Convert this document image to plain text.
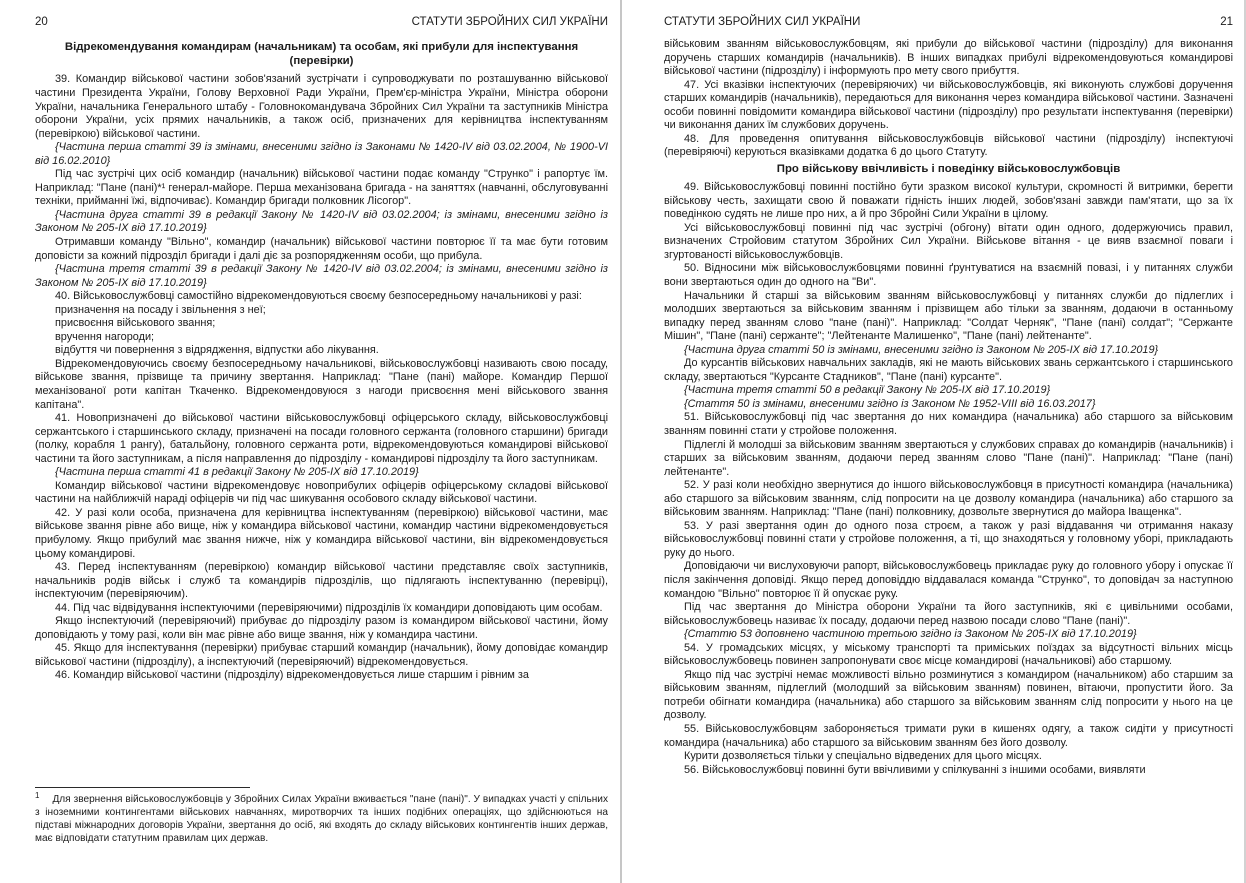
20	СТАТУТИ ЗБРОЙНИХ СИЛ УКРАЇНИ

Відрекомендування командирам (начальникам) та особам, які прибули для інспектування (перевірки)

39. Командир військової частини зобов'язаний зустрічати і супроводжувати по розташуванню військової частини Президента України, Голову Верховної Ради України, Прем'єр-міністра України, Міністра оборони України, начальника Генерального штабу - Головнокомандувача Збройних Сил України та заступників Міністра оборони України, усіх прямих начальників, а також осіб, призначених для керівництва інспектуванням (перевіркою) військової частини.

{Частина перша статті 39 із змінами, внесеними згідно із Законами № 1420-IV від 03.02.2004, № 1900-VI від 16.02.2010}

Під час зустрічі цих осіб командир (начальник) військової частини подає команду "Струнко" і рапортує їм. Наприклад: "Пане (пані)*¹ генерал-майоре. Перша механізована бригада - на заняттях (навчанні, обслуговуванні техніки, прийманні їжі, відпочиває). Командир бригади полковник Лісогор".

{Частина друга статті 39 в редакції Закону № 1420-IV від 03.02.2004; із змінами, внесеними згідно із Законом № 205-ІХ від 17.10.2019}

Отримавши команду "Вільно", командир (начальник) військової частини повторює її та має бути готовим доповісти за кожний підрозділ бригади і далі діє за розпорядженням особи, що прибула.

{Частина третя статті 39 в редакції Закону № 1420-IV від 03.02.2004; із змінами, внесеними згідно із Законом № 205-ІХ від 17.10.2019}

40. Військовослужбовці самостійно відрекомендовуються своєму безпосередньому начальникові у разі:

призначення на посаду і звільнення з неї;

присвоєння військового звання;

вручення нагороди;

відбуття чи повернення з відрядження, відпустки або лікування.

Відрекомендовуючись своєму безпосередньому начальникові, військовослужбовці називають свою посаду, військове звання, прізвище та причину звертання. Наприклад: "Пане (пані) майоре. Командир Першої механізованої роти капітан Ткаченко. Відрекомендовуюся з нагоди присвоєння мені військового звання капітана".

41. Новопризначені до військової частини військовослужбовці офіцерського складу, військовослужбовці сержантського і старшинського складу, призначені на посади головного сержанта (головного старшини) бригади (полку, корабля 1 рангу), батальйону, головного сержанта роти, відрекомендовуються командирові військової частини та його заступникам, а після направлення до підрозділу - командирові підрозділу та його заступникам.

{Частина перша статті 41 в редакції Закону № 205-ІХ від 17.10.2019}

Командир військової частини відрекомендовує новоприбулих офіцерів офіцерському складові військової частини на найближчій нараді офіцерів чи під час шикування особового складу військової частини.

42. У разі коли особа, призначена для керівництва інспектуванням (перевіркою) військової частини, має військове звання рівне або вище, ніж у командира військової частини, командир частини відрекомендовується прибулому. Якщо прибулий має звання нижче, ніж у командира військової частини, він відрекомендовується цьому командирові.

43. Перед інспектуванням (перевіркою) командир військової частини представляє своїх заступників, начальників родів військ і служб та командирів підрозділів, що підлягають інспектуванню (перевірці), інспектуючим (перевіряючим).

44. Під час відвідування інспектуючими (перевіряючими) підрозділів їх командири доповідають цим особам.

Якщо інспектуючий (перевіряючий) прибуває до підрозділу разом із командиром військової частини, йому доповідають у тому разі, коли він має рівне або вище звання, ніж у командира частини.

45. Якщо для інспектування (перевірки) прибуває старший командир (начальник), йому доповідає командир військової частини (підрозділу), а інспектуючий (перевіряючий) відрекомендовується.

46. Командир військової частини (підрозділу) відрекомендовується лише старшим і рівним за

$^1$ Для звернення військовослужбовців у Збройних Силах України вживається "пане (пані)". У випадках участі у спільних з іноземними контингентами військових навчаннях, миротворчих та інших подібних операціях, що здійснюються на підставі міжнародних договорів України, звертання до осіб, які входять до складу військових контингентів інших держав, має відповідати статутним правилам цих держав.

СТАТУТИ ЗБРОЙНИХ СИЛ УКРАЇНИ	21

військовим званням військовослужбовцям, які прибули до військової частини (підрозділу) для виконання доручень старших командирів (начальників). В інших випадках прибулі відрекомендовуються командирові військової частини (підрозділу) і інформують про мету свого прибуття.

47. Усі вказівки інспектуючих (перевіряючих) чи військовослужбовців, які виконують службові доручення старших командирів (начальників), передаються для виконання через командира військової частини. Зазначені особи повинні повідомити командира військової частини (підрозділу) про результати інспектування (перевірки) чи виконання даних їм службових доручень.

48. Для проведення опитування військовослужбовців військової частини (підрозділу) інспектуючі (перевіряючі) керуються вказівками додатка 6 до цього Статуту.

Про військову ввічливість і поведінку військовослужбовців

49. Військовослужбовці повинні постійно бути зразком високої культури, скромності й витримки, берегти військову честь, захищати свою й поважати гідність інших людей, зобов'язані завжди пам'ятати, що за їх поведінкою судять не лише про них, а й про Збройні Сили України в цілому.

Усі військовослужбовці повинні під час зустрічі (обгону) вітати один одного, додержуючись правил, визначених Стройовим статутом Збройних Сил України. Військове вітання - це вияв взаємної поваги і згуртованості військовослужбовців.

50. Відносини між військовослужбовцями повинні ґрунтуватися на взаємній повазі, і у питаннях служби вони звертаються один до одного на "Ви".

Начальники й старші за військовим званням військовослужбовці у питаннях служби до підлеглих і молодших звертаються за військовим званням і прізвищем або тільки за званням, додаючи в останньому випадку перед званням слово "пане (пані)". Наприклад: "Солдат Черняк", "Пане (пані) солдат"; "Сержанте Мішин", "Пане (пані) сержанте"; "Лейтенанте Малишенко", "Пане (пані) лейтенанте".

{Частина друга статті 50 із змінами, внесеними згідно із Законом № 205-ІХ від 17.10.2019}

До курсантів військових навчальних закладів, які не мають військових звань сержантського і старшинського складу, звертаються "Курсанте Стадников", "Пане (пані) курсанте".

{Частина третя статті 50 в редакції Закону № 205-ІХ від 17.10.2019}

{Стаття 50 із змінами, внесеними згідно із Законом № 1952-VIII від 16.03.2017}

51. Військовослужбовці під час звертання до них командира (начальника) або старшого за військовим званням повинні стати у стройове положення.

Підлеглі й молодші за військовим званням звертаються у службових справах до командирів (начальників) і старших за військовим званням, додаючи перед званням слово "Пане (пані)". Наприклад: "Пане (пані) лейтенанте".

52. У разі коли необхідно звернутися до іншого військовослужбовця в присутності командира (начальника) або старшого за військовим званням, слід попросити на це дозволу командира (начальника) або старшого за військовим званням. Наприклад: "Пане (пані) полковнику, дозвольте звернутися до майора Іващенка".

53. У разі звертання один до одного поза строєм, а також у разі віддавання чи отримання наказу військовослужбовці повинні стати у стройове положення, а ті, що знаходяться у головному уборі, прикладають руку до нього.

Доповідаючи чи вислуховуючи рапорт, військовослужбовець прикладає руку до головного убору і опускає її після закінчення доповіді. Якщо перед доповіддю віддавалася команда "Струнко", то доповідач за наступною командою "Вільно" повторює її й опускає руку.

Під час звертання до Міністра оборони України та його заступників, які є цивільними особами, військовослужбовець називає їх посаду, додаючи перед назвою посади слово "Пане (пані)".

{Статтю 53 доповнено частиною третьою згідно із Законом № 205-ІХ від 17.10.2019}

54. У громадських місцях, у міському транспорті та приміських поїздах за відсутності вільних місць військовослужбовець повинен запропонувати своє місце командирові (начальникові) або старшому.

Якщо під час зустрічі немає можливості вільно розминутися з командиром (начальником) або старшим за військовим званням, підлеглий (молодший за військовим званням) повинен, вітаючи, пропустити його. За потреби обігнати командира (начальника) або старшого за військовим званням слід попросити у нього на це дозволу.

55. Військовослужбовцям забороняється тримати руки в кишенях одягу, а також сидіти у присутності командира (начальника) або старшого за військовим званням без його дозволу.

Курити дозволяється тільки у спеціально відведених для цього місцях.

56. Військовослужбовці повинні бути ввічливими у спілкуванні з іншими особами, виявляти
